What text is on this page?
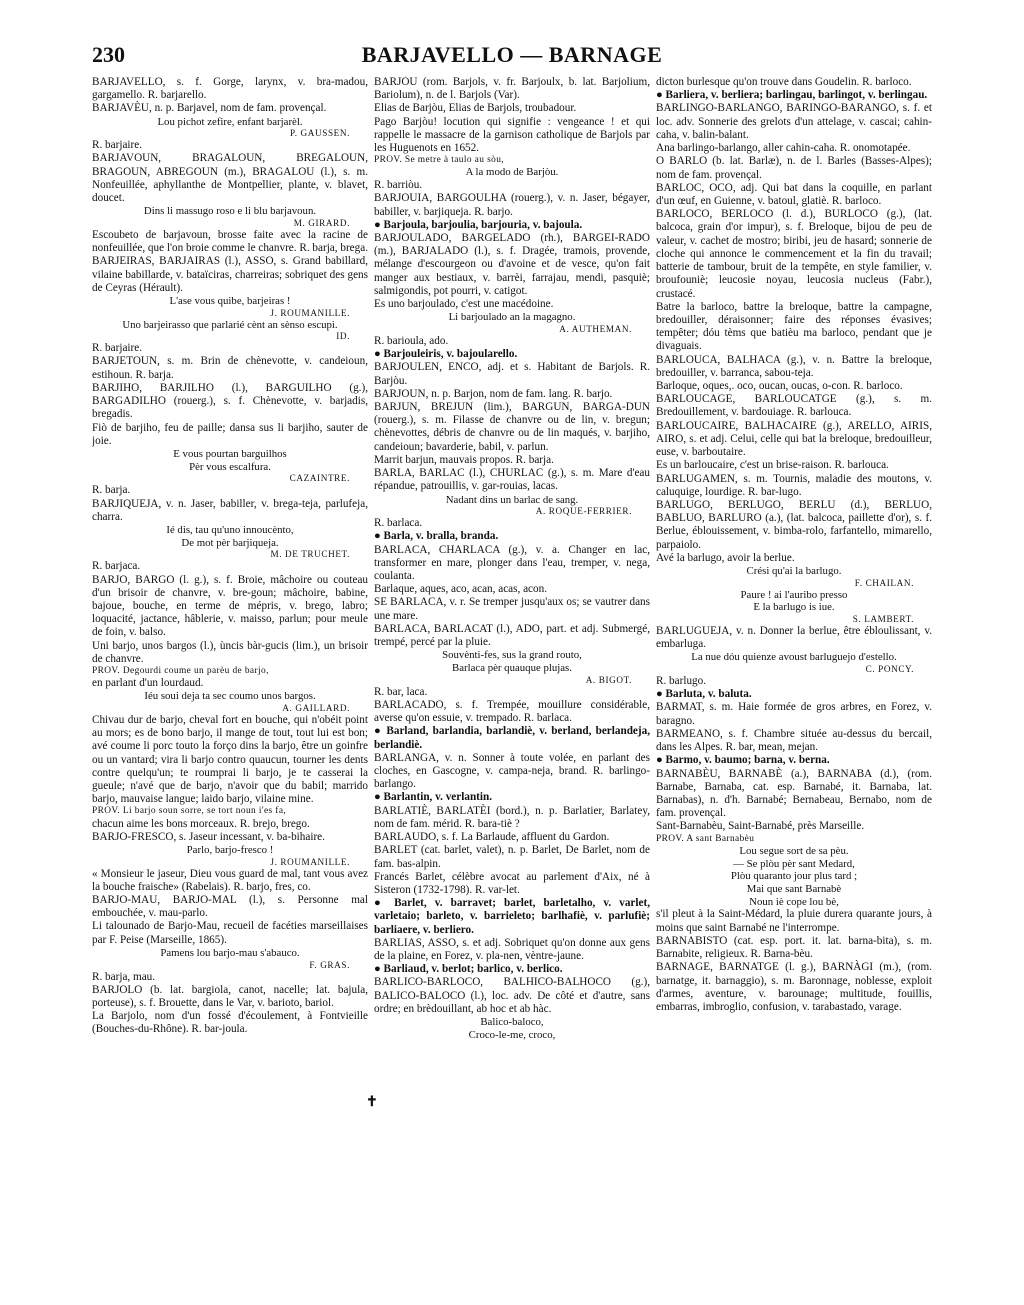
230	BARJAVELLO — BARNAGE

BARJAVELLO, s. f. Gorge, larynx, v. bra-madou, gargamello. R. barjarello.

BARJAVÈU, n. p. Barjavel, nom de fam. provençal.

Lou pichot zefire, enfant barjarèl.

P. GAUSSEN.

R. barjaire.

BARJAVOUN, BRAGALOUN, BREGALOUN, BRAGOUN, ABREGOUN (m.), BRAGALOU (l.), s. m. Nonfeuillée, aphyllanthe de Montpellier, plante, v. blavet, doucet.

Dins li massugo roso e li blu barjavoun.

M. GIRARD.

Escoubeto de barjavoun, brosse faite avec la racine de nonfeuillée, que l'on broie comme le chanvre. R. barja, brega.

BARJEIRAS, BARJAIRAS (l.), ASSO, s. Grand babillard, vilaine babillarde, v. bataïciras, charreiras; sobriquet des gens de Ceyras (Hérault).

L'ase vous quibe, barjeiras !

J. ROUMANILLE.

Uno barjeirasso que parlarié cènt an sènso escupi.

ID.

R. barjaire.

BARJETOUN, s. m. Brin de chènevotte, v. candeioun, estihoun. R. barja.

BARJIHO, BARJILHO (l.), BARGUILHO (g.), BARGADILHO (rouerg.), s. f. Chènevotte, v. barjadis, bregadis.

Fiò de barjiho, feu de paille; dansa sus li barjiho, sauter de joie.

E vous pourtan barguilhos

Pèr vous escalfura.

CAZAINTRE.

R. barja.

BARJIQUEJA, v. n. Jaser, babiller, v. brega-teja, parlufeja, charra.

Ié dis, tau qu'uno innoucènto,

De mot pèr barjiqueja.

M. DE TRUCHET.

R. barjaca.

BARJO, BARGO (l. g.), s. f. Broie, mâchoire ou couteau d'un brisoir de chanvre, v. bre-goun; mâchoire, babine, bajoue, bouche, en terme de mépris, v. brego, labro; loquacité, jactance, hâblerie, v. maisso, parlun; pour meule de foin, v. balso.

Uni barjo, unos bargos (l.), ùncis bàr-gucis (lim.), un brisoir de chanvre.

PROV. Degourdi coume un parèu de barjo,

en parlant d'un lourdaud.

Iéu soui deja ta sec coumo unos bargos.

A. GAILLARD.

Chivau dur de barjo, cheval fort en bouche, qui n'obéit point au mors; es de bono barjo, il mange de tout, tout lui est bon; avé coume li porc touto la forço dins la barjo, être un goinfre ou un vantard; vira li barjo contro quaucun, tourner les dents contre quelqu'un; te roumprai li barjo, je te casserai la gueule; n'avé que de barjo, n'avoir que du babil; marrido barjo, mauvaise langue; laido barjo, vilaine mine.

PROV. Li barjo soun sorre, se tort noun i'es fa,

chacun aime les bons morceaux. R. brejo, brego.

BARJO-FRESCO, s. Jaseur incessant, v. ba-bihaire.

Parlo, barjo-fresco !

J. ROUMANILLE.

« Monsieur le jaseur, Dieu vous guard de mal, tant vous avez la bouche fraische» (Rabelais). R. barjo, fres, co.

BARJO-MAU, BARJO-MAL (l.), s. Personne mal embouchée, v. mau-parlo.

Li talounado de Barjo-Mau, recueil de facéties marseillaises par F. Peise (Marseille, 1865).

Pamens lou barjo-mau s'abauco.

F. GRAS.

R. barja, mau.

BARJOLO (b. lat. bargiola, canot, nacelle; lat. bajula, porteuse), s. f. Brouette, dans le Var, v. barioto, bariol.

La Barjolo, nom d'un fossé d'écoulement, à Fontvieille (Bouches-du-Rhône). R. bar-joula.

BARJÒU (rom. Barjols, v. fr. Barjoulx, b. lat. Barjolium, Bariolum), n. de l. Barjols (Var).

Elias de Barjòu, Elias de Barjols, troubadour.

Pago Barjòu! locution qui signifie : vengeance ! et qui rappelle le massacre de la garnison catholique de Barjols par les Huguenots en 1652.

PROV. Se metre à taulo au sòu,

A la modo de Barjòu.

R. barriòu.

BARJOUIA, BARGOULHA (rouerg.), v. n. Jaser, bégayer, babiller, v. barjiqueja. R. barjo.

● Barjoula, barjoulia, barjouria, v. bajoula.

BARJOULADO, BARGELADO (rh.), BARGEI-RADO (m.), BARJALADO (l.), s. f. Dragée, tramois, provende, mélange d'escourgeon ou d'avoine et de vesce, qu'on fait manger aux bestiaux, v. barrèi, farrajau, mendi, pasquiè; salmigondis, pot pourri, v. catigot.

Es uno barjoulado, c'est une macédoine.

Li barjoulado an la magagno.

A. AUTHEMAN.

R. barioula, ado.

● Barjouleiris, v. bajoularello.

BARJOULEN, ENCO, adj. et s. Habitant de Barjols. R. Barjòu.

BARJOUN, n. p. Barjon, nom de fam. lang. R. barjo.

BARJUN, BREJUN (lim.), BARGUN, BARGA-DUN (rouerg.), s. m. Filasse de chanvre ou de lin, v. bregun; chènevottes, débris de chanvre ou de lin maqués, v. barjiho, candeioun; bavarderie, babil, v. parlun.

Marrit barjun, mauvais propos. R. barja.

BARLA, BARLAC (l.), CHURLAC (g.), s. m. Mare d'eau répandue, patrouillis, v. gar-rouias, lacas.

Nadant dins un barlac de sang.

A. ROQUE-FERRIER.

R. barlaca.

● Barla, v. bralla, branda.

BARLACA, CHARLACA (g.), v. a. Changer en lac, transformer en mare, plonger dans l'eau, tremper, v. nega, coulanta.

Barlaque, aques, aco, acan, acas, acon.

SE BARLACA, v. r. Se tremper jusqu'aux os; se vautrer dans une mare.

BARLACA, BARLACAT (l.), ADO, part. et adj. Submergé, trempé, percé par la pluie.

Souvènti-fes, sus la grand routo,

Barlaca pèr quauque plujas.

A. BIGOT.

R. bar, laca.

BARLACADO, s. f. Trempée, mouillure considérable, averse qu'on essuie, v. trempado. R. barlaca.

● Barland, barlandia, barlandiè, v. berland, berlandeja, berlandiè.

BARLANGA, v. n. Sonner à toute volée, en parlant des cloches, en Gascogne, v. campa-neja, brand. R. barlingo-barlango.

● Barlantin, v. verlantin.

BARLATIÈ, BARLATÈI (bord.), n. p. Barlatier, Barlatey, nom de fam. mérid. R. bara-tiè ?

BARLAUDO, s. f. La Barlaude, affluent du Gardon.

BARLET (cat. barlet, valet), n. p. Barlet, De Barlet, nom de fam. bas-alpin.

Francés Barlet, célèbre avocat au parlement d'Aix, né à Sisteron (1732-1798). R. var-let.

● Barlet, v. barravet; barlet, barletalho, v. varlet, varletaio; barleto, v. barrieleto; barlhafiè, v. parlufiè; barliaere, v. berliero.

BARLIAS, ASSO, s. et adj. Sobriquet qu'on donne aux gens de la plaine, en Forez, v. pla-nen, vèntre-jaune.

● Barliaud, v. berlot; barlico, v. berlico.

BARLICO-BARLOCO, BALHICO-BALHOCO (g.), BALICO-BALOCO (l.), loc. adv. De côté et d'autre, sans ordre; en brèdouillant, ab hoc et ab hàc.

Balico-baloco,

Croco-le-me, croco,

dicton burlesque qu'on trouve dans Goudelin. R. barloco.

● Barliera, v. berliera; barlingau, barlingot, v. berlingau.

BARLINGO-BARLANGO, BARINGO-BARANGO, s. f. et loc. adv. Sonnerie des grelots d'un attelage, v. cascai; cahin-caha, v. balin-balant.

Ana barlingo-barlango, aller cahin-caha. R. onomotapée.

O BARLO (b. lat. Barlæ), n. de l. Barles (Basses-Alpes); nom de fam. provençal.

BARLOC, OCO, adj. Qui bat dans la coquille, en parlant d'un œuf, en Guienne, v. batoul, glatiè. R. barloco.

BARLOCO, BERLOCO (l. d.), BURLOCO (g.), (lat. balcoca, grain d'or impur), s. f. Breloque, bijou de peu de valeur, v. cachet de mostro; biribi, jeu de hasard; sonnerie de cloche qui annonce le commencement et la fin du travail; batterie de tambour, bruit de la tempête, en style familier, v. broufouniè; leucosie noyau, leucosia nucleus (Fabr.), crustacé.

Batre la barloco, battre la breloque, battre la campagne, bredouiller, déraisonner; faire des réponses évasives; tempêter; dóu tèms que batièu ma barloco, pendant que je divaguais.

BARLOUCA, BALHACA (g.), v. n. Battre la breloque, bredouiller, v. barranca, sabou-teja.

Barloque, oques,. oco, oucan, oucas, o-con. R. barloco.

BARLOUCAGE, BARLOUCATGE (g.), s. m. Bredouillement, v. bardouiage. R. barlouca.

BARLOUCAIRE, BALHACAIRE (g.), ARELLO, AIRIS, AIRO, s. et adj. Celui, celle qui bat la breloque, bredouilleur, euse, v. barboutaire.

Es un barloucaire, c'est un brise-raison. R. barlouca.

BARLUGAMEN, s. m. Tournis, maladie des moutons, v. caluquige, lourdige. R. bar-lugo.

BARLUGO, BERLUGO, BERLU (d.), BERLUO, BABLUO, BARLURO (a.), (lat. balcoca, paillette d'or), s. f. Berlue, éblouissement, v. bimba-rolo, farfantello, mimarello, parpaiolo.

Avé la barlugo, avoir la berlue.

Crési qu'ai la barlugo.

F. CHAILAN.

Paure ! ai l'auribo presso

E la barlugo is iue.

S. LAMBERT.

BARLUGUEJA, v. n. Donner la berlue, être ébloulissant, v. embarluga.

La nue dóu quienze avoust barluguejo d'estello.

C. PONCY.

R. barlugo.

● Barluta, v. baluta.

BARMAT, s. m. Haie formée de gros arbres, en Forez, v. baragno.

BARMEANO, s. f. Chambre située au-dessus du bercail, dans les Alpes. R. bar, mean, mejan.

● Barmo, v. baumo; barna, v. berna.

BARNABÈU, BARNABÈ (a.), BARNABA (d.), (rom. Barnabe, Barnaba, cat. esp. Barnabé, it. Barnaba, lat. Barnabas), n. d'h. Barnabé; Bernabeau, Bernabo, nom de fam. provençal.

Sant-Barnabèu, Saint-Barnabé, près Marseille.

PROV. A sant Barnabèu

Lou segue sort de sa pèu.

— Se plòu pèr sant Medard,

Plòu quaranto jour plus tard ;

Mai que sant Barnabè

Noun iè cope lou bè,

s'il pleut à la Saint-Médard, la pluie durera quarante jours, à moins que saint Barnabé ne l'interrompe.

BARNABISTO (cat. esp. port. it. lat. barna-bita), s. m. Barnabite, religieux. R. Barna-bèu.

BARNAGE, BARNATGE (l. g.), BARNÀGI (m.), (rom. barnatge, it. barnaggio), s. m. Baronnage, noblesse, exploit d'armes, aventure, v. barounage; multitude, fouillis, embarras, imbroglio, confusion, v. tarabastado, varage.

✝
